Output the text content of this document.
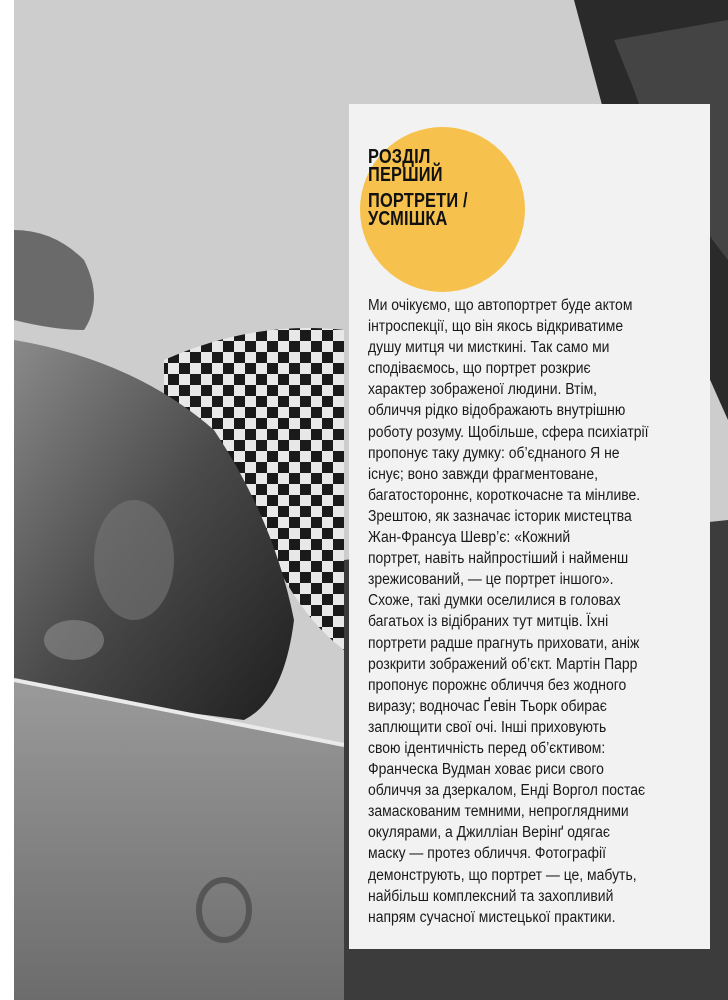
РОЗДІЛ
ПЕРШИЙ
ПОРТРЕТИ /
УСМІШКА
Ми очікуємо, що автопортрет буде актом
інтроспекції, що він якось відкриватиме
душу митця чи мисткині. Так само ми
сподіваємось, що портрет розкриє
характер зображеної людини. Втім,
обличчя рідко відображають внутрішню
роботу розуму. Щобільше, сфера психіатрії
пропонує таку думку: об’єднаного Я не
існує; воно завжди фрагментоване,
багатостороннє, короткочасне та мінливе.
Зрештою, як зазначає історик мистецтва
Жан-Франсуа Шевр’є: «Кожний
портрет, навіть найпростіший і найменш
зрежисований, — це портрет іншого».
Схоже, такі думки оселилися в головах
багатьох із відібраних тут митців. Їхні
портрети радше прагнуть приховати, аніж
розкрити зображений об’єкт. Мартін Парр
пропонує порожнє обличчя без жодного
виразу; водночас Ґевін Тьорк обирає
заплющити свої очі. Інші приховують
свою ідентичність перед об’єктивом:
Франческа Вудман ховає риси свого
обличчя за дзеркалом, Енді Воргол постає
замаскованим темними, непроглядними
окулярами, а Джилліан Верінґ одягає
маску — протез обличчя. Фотографії
демонструють, що портрет — це, мабуть,
найбільш комплексний та захопливий
напрям сучасної мистецької практики.
